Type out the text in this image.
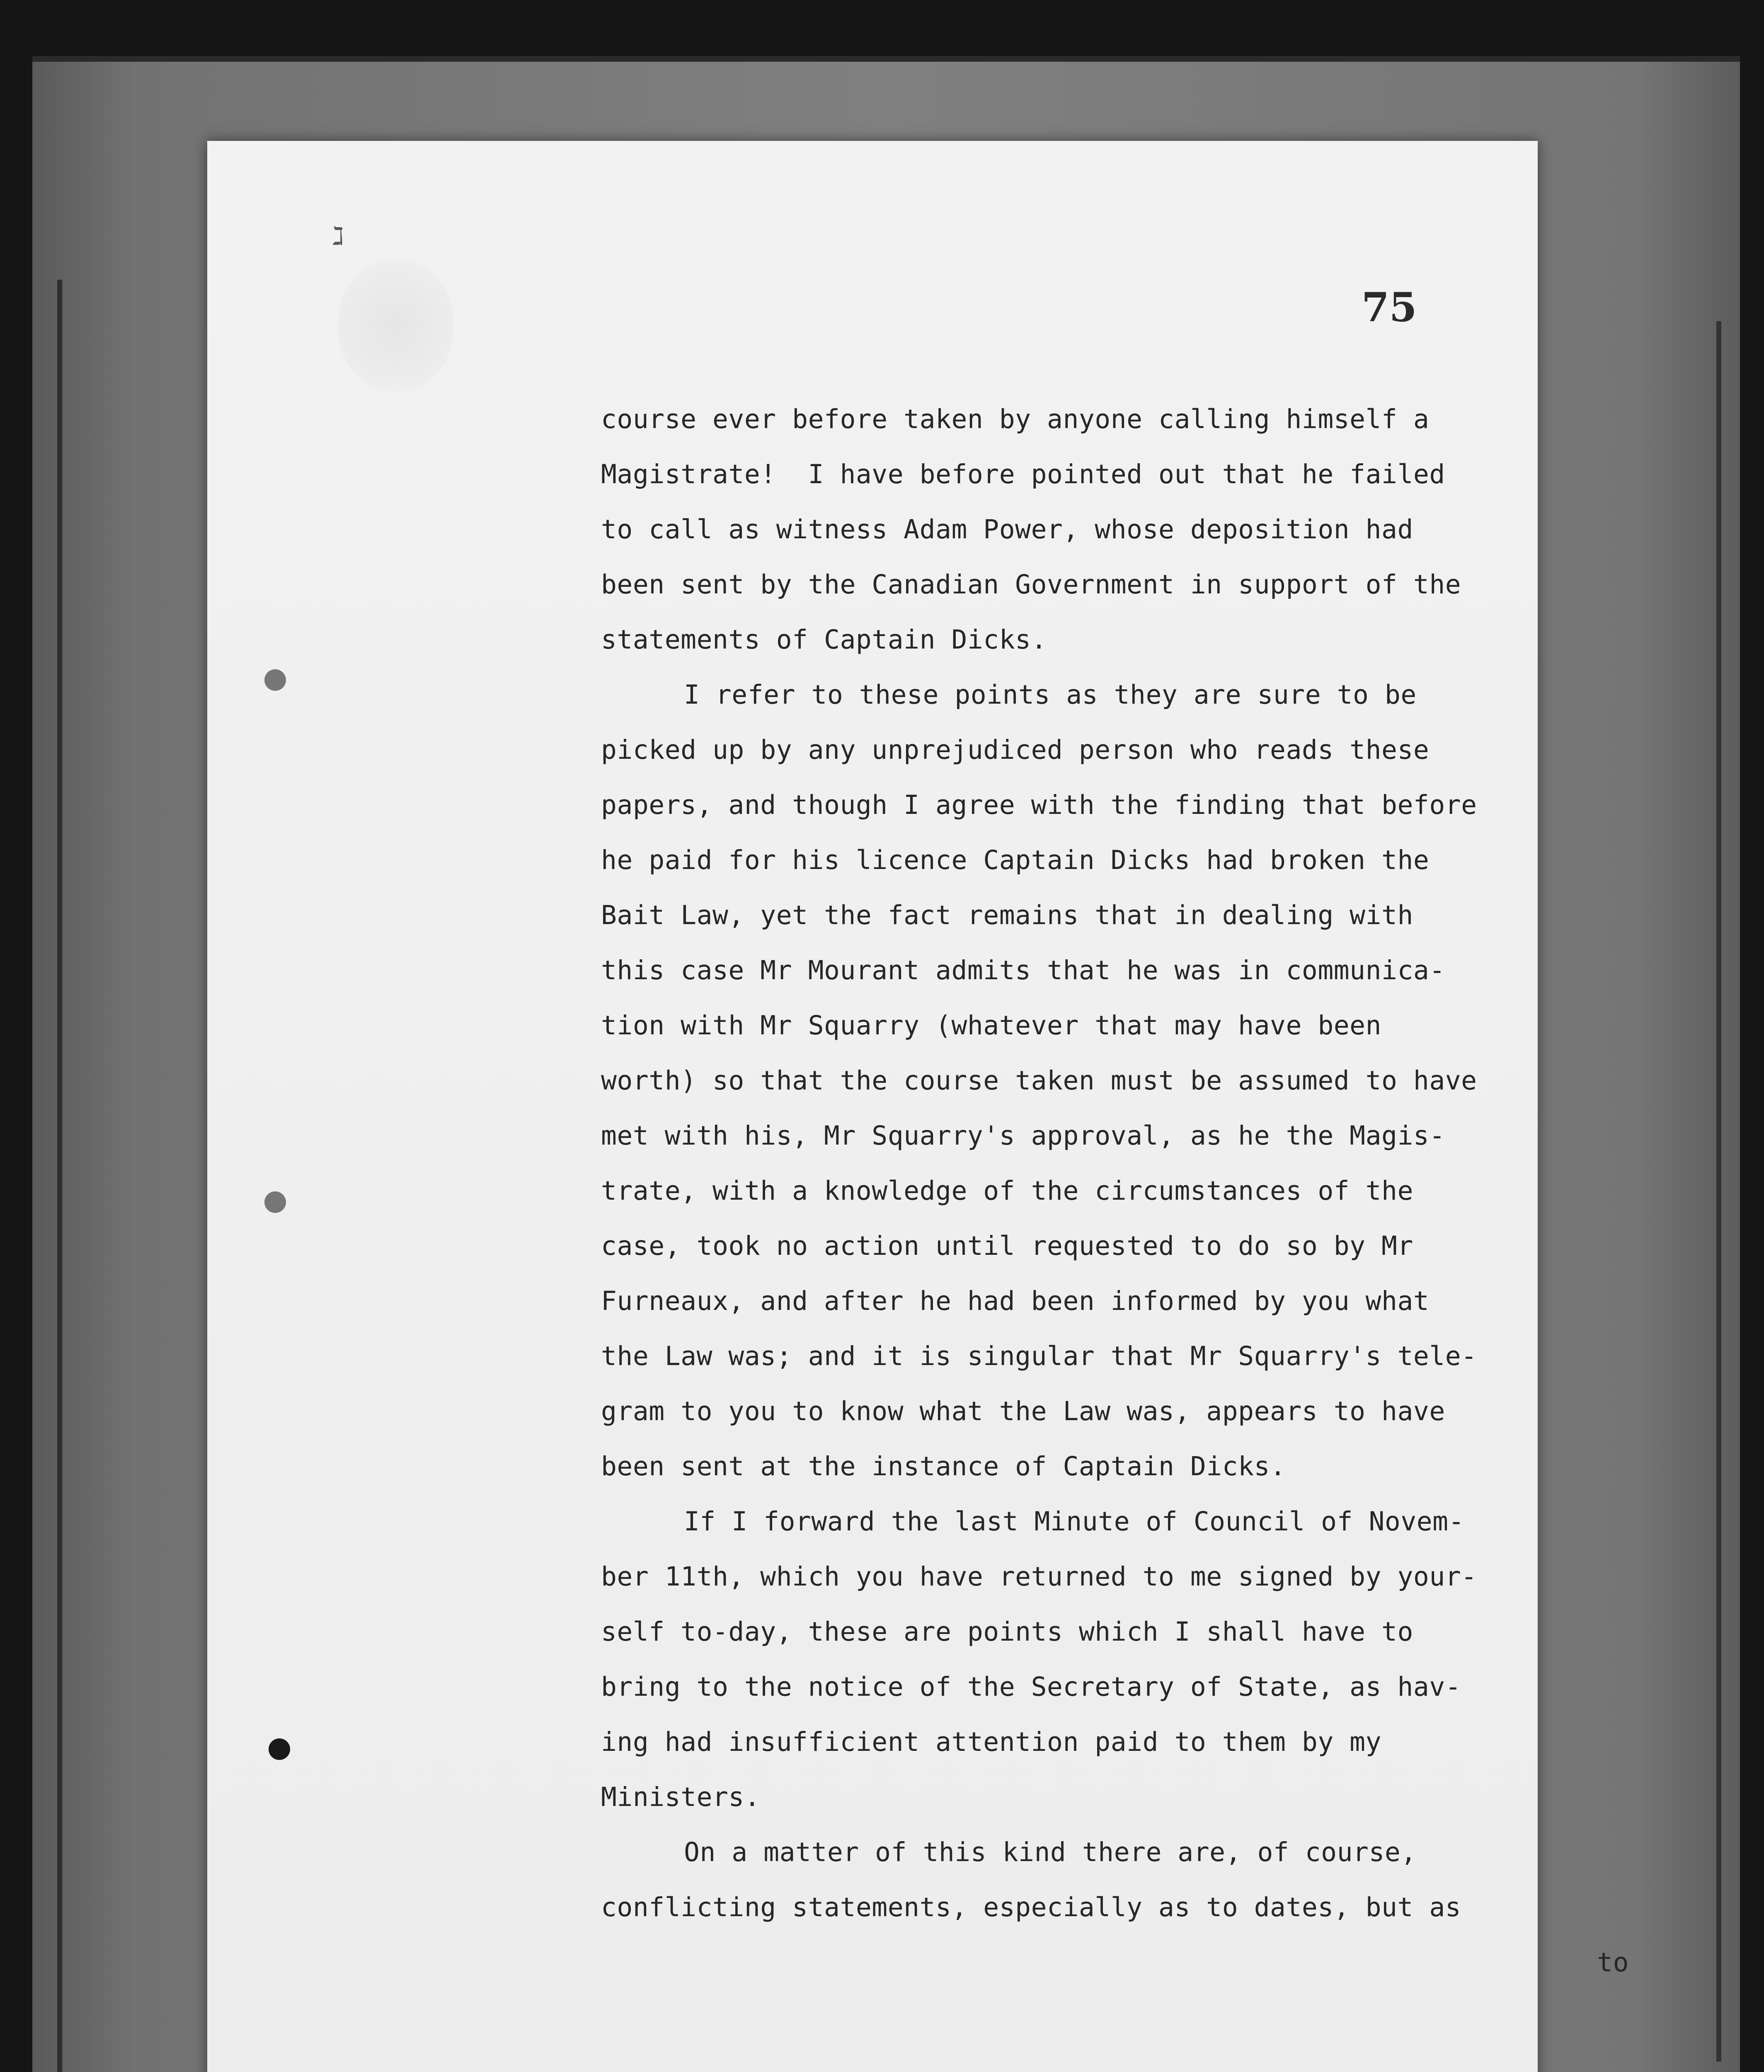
ℷ
75
course ever before taken by anyone calling himself a
Magistrate!  I have before pointed out that he failed
to call as witness Adam Power, whose deposition had
been sent by the Canadian Government in support of the
statements of Captain Dicks.
I refer to these points as they are sure to be
picked up by any unprejudiced person who reads these
papers, and though I agree with the finding that before
he paid for his licence Captain Dicks had broken the
Bait Law, yet the fact remains that in dealing with
this case Mr Mourant admits that he was in communica-
tion with Mr Squarry (whatever that may have been
worth) so that the course taken must be assumed to have
met with his, Mr Squarry's approval, as he the Magis-
trate, with a knowledge of the circumstances of the
case, took no action until requested to do so by Mr
Furneaux, and after he had been informed by you what
the Law was; and it is singular that Mr Squarry's tele-
gram to you to know what the Law was, appears to have
been sent at the instance of Captain Dicks.
If I forward the last Minute of Council of Novem-
ber 11th, which you have returned to me signed by your-
self to-day, these are points which I shall have to
bring to the notice of the Secretary of State, as hav-
ing had insufficient attention paid to them by my
Ministers.
On a matter of this kind there are, of course,
conflicting statements, especially as to dates, but as
to
